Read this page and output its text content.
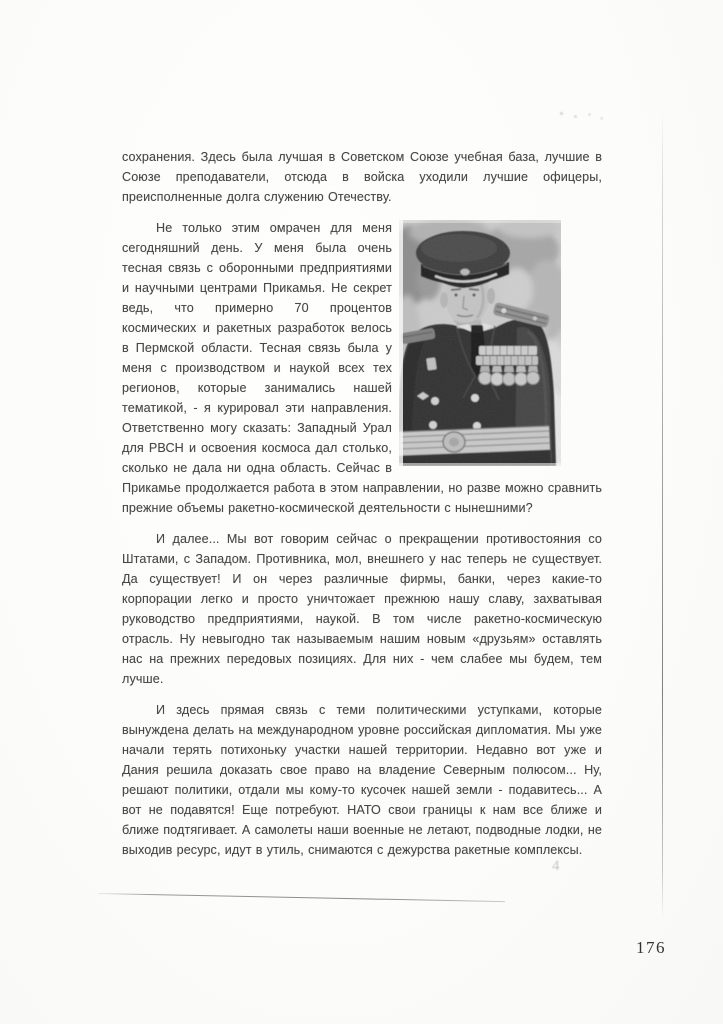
сохранения. Здесь была лучшая в Советском Союзе учебная база, лучшие в Союзе преподаватели, отсюда в войска уходили лучшие офицеры, преисполненные долга служению Отечеству.

Не только этим омрачен для меня сегодняшний день. У меня была очень тесная связь с оборонными предприятиями и научными центрами Прикамья. Не секрет ведь, что примерно 70 процентов космических и ракетных разработок велось в Пермской области. Тесная связь была у меня с производством и наукой всех тех регионов, которые занимались нашей тематикой, - я курировал эти направления. Ответственно могу сказать: Западный Урал для РВСН и освоения космоса дал столько, сколько не дала ни одна область. Сейчас в Прикамье продолжается работа в этом направлении, но разве можно сравнить прежние объемы ракетно-космической деятельности с нынешними?

И далее... Мы вот говорим сейчас о прекращении противостояния со Штатами, с Западом. Противника, мол, внешнего у нас теперь не существует. Да существует! И он через различные фирмы, банки, через какие-то корпорации легко и просто уничтожает прежнюю нашу славу, захватывая руководство предприятиями, наукой. В том числе ракетно-космическую отрасль. Ну невыгодно так называемым нашим новым «друзьям» оставлять нас на прежних передовых позициях. Для них - чем слабее мы будем, тем лучше.

И здесь прямая связь с теми политическими уступками, которые вынуждена делать на международном уровне российская дипломатия. Мы уже начали терять потихоньку участки нашей территории. Недавно вот уже и Дания решила доказать свое право на владение Северным полюсом... Ну, решают политики, отдали мы кому-то кусочек нашей земли - подавитесь... А вот не подавятся! Еще потребуют. НАТО свои границы к нам все ближе и ближе подтягивает. А самолеты наши военные не летают, подводные лодки, не выходив ресурс, идут в утиль, снимаются с дежурства ракетные комплексы.

4
176
